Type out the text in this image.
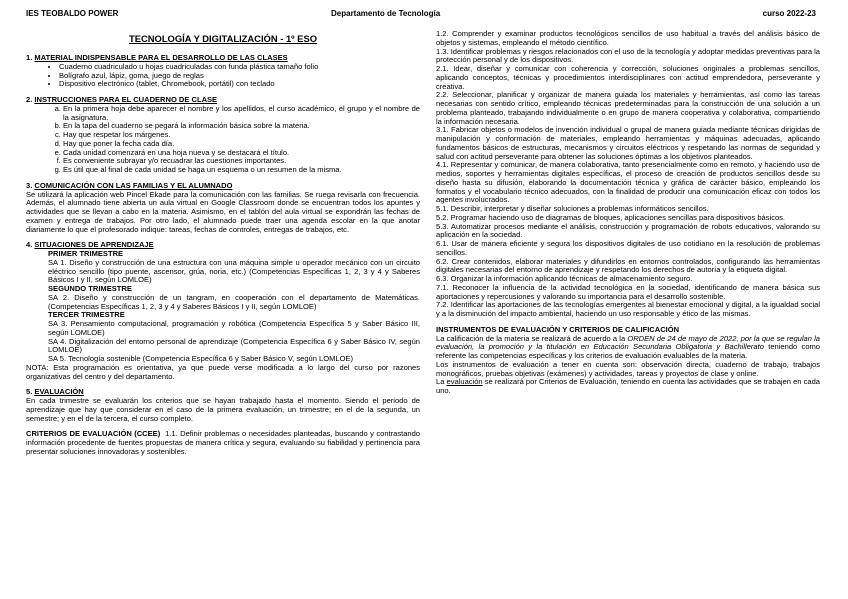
IES TEOBALDO POWER	Departamento de Tecnología	curso 2022-23
TECNOLOGÍA Y DIGITALIZACIÓN - 1º ESO
1. MATERIAL INDISPENSABLE PARA EL DESARROLLO DE LAS CLASES
• Cuaderno cuadriculado u hojas cuadriculadas con funda plástica tamaño folio
• Bolígrafo azul, lápiz, goma, juego de reglas
• Dispositivo electrónico (tablet, Chromebook, portátil) con teclado
2. INSTRUCCIONES PARA EL CUADERNO DE CLASE
a. En la primera hoja debe aparecer el nombre y los apellidos, el curso académico, el grupo y el nombre de la asignatura.
b. En la tapa del cuaderno se pegará la información básica sobre la materia.
c. Hay que respetar los márgenes.
d. Hay que poner la fecha cada día.
e. Cada unidad comenzará en una hoja nueva y se destacará el título.
f. Es conveniente subrayar y/o recuadrar las cuestiones importantes.
g. Es útil que al final de cada unidad se haga un esquema o un resumen de la misma.
3. COMUNICACIÓN CON LAS FAMILIAS Y EL ALUMNADO

Se utilizará la aplicación web Pincel Ekade para la comunicación con las familias. Se ruega revisarla con frecuencia. Además, el alumnado tiene abierta un aula virtual en Google Classroom donde se encuentran todos los apuntes y actividades que se llevan a cabo en la materia. Asimismo, en el tablón del aula virtual se expondrán las fechas de examen y entrega de trabajos. Por otro lado, el alumnado puede traer una agenda escolar en la que anotar diariamente lo que el profesorado indique: tareas, fechas de controles, entregas de trabajos, etc.

4. SITUACIONES DE APRENDIZAJE
PRIMER TRIMESTRE

SA 1. Diseño y construcción de una estructura con una máquina simple u operador mecánico con un circuito eléctrico sencillo (tipo puente, ascensor, grúa, noria, etc.) (Competencias Específicas 1, 2, 3 y 4 y Saberes Básicos I y II, según LOMLOE)

SEGUNDO TRIMESTRE

SA 2. Diseño y construcción de un tangram, en cooperación con el departamento de Matemáticas. (Competencias Específicas 1, 2, 3 y 4 y Saberes Básicos I y II, según LOMLOE)

TERCER TRIMESTRE

SA 3. Pensamiento computacional, programación y robótica (Competencia Específica 5 y Saber Básico III, según LOMLOE)

SA 4. Digitalización del entorno personal de aprendizaje (Competencia Específica 6 y Saber Básico IV, según LOMLOE)

SA 5. Tecnología sostenible (Competencia Específica 6 y Saber Básico V, según LOMLOE)

NOTA: Esta programación es orientativa, ya que puede verse modificada a lo largo del curso por razones organizativas del centro y del departamento.

5. EVALUACIÓN

En cada trimestre se evaluarán los criterios que se hayan trabajado hasta el momento. Siendo el periodo de aprendizaje que hay que considerar en el caso de la primera evaluación, un trimestre; en el de la segunda, un semestre; y en el de la tercera, el curso completo.

CRITERIOS DE EVALUACIÓN (CCEE) 1.1. Definir problemas o necesidades planteadas, buscando y contrastando información procedente de fuentes propuestas de manera crítica y segura, evaluando su fiabilidad y pertinencia para presentar soluciones innovadoras y sostenibles.

1.2. Comprender y examinar productos tecnológicos sencillos de uso habitual a través del análisis básico de objetos y sistemas, empleando el método científico.

1.3. Identificar problemas y riesgos relacionados con el uso de la tecnología y adoptar medidas preventivas para la protección personal y de los dispositivos.

2.1. Idear, diseñar y comunicar con coherencia y corrección, soluciones originales a problemas sencillos, aplicando conceptos, técnicas y procedimientos interdisciplinares con actitud emprendedora, perseverante y creativa.

2.2. Seleccionar, planificar y organizar de manera guiada los materiales y herramientas, así como las tareas necesarias con sentido crítico, empleando técnicas predeterminadas para la construcción de una solución a un problema planteado, trabajando individualmente o en grupo de manera cooperativa y colaborativa, compartiendo la información necesaria.

3.1. Fabricar objetos o modelos de invención individual o grupal de manera guiada mediante técnicas dirigidas de manipulación y conformación de materiales, empleando herramientas y máquinas adecuadas, aplicando fundamentos básicos de estructuras, mecanismos y circuitos eléctricos y respetando las normas de seguridad y salud con actitud perseverante para obtener las soluciones óptimas a los objetivos planteados.

4.1. Representar y comunicar, de manera colaborativa, tanto presencialmente como en remoto, y haciendo uso de medios, soportes y herramientas digitales específicas, el proceso de creación de productos sencillos desde su diseño hasta su difusión, elaborando la documentación técnica y gráfica de carácter básico, empleando los formatos y el vocabulario técnico adecuados, con la finalidad de producir una comunicación eficaz con todos los agentes involucrados.

5.1. Describir, interpretar y diseñar soluciones a problemas informáticos sencillos.

5.2. Programar haciendo uso de diagramas de bloques, aplicaciones sencillas para dispositivos básicos.

5.3. Automatizar procesos mediante el análisis, construcción y programación de robots educativos, valorando su aplicación en la sociedad.

6.1. Usar de manera eficiente y segura los dispositivos digitales de uso cotidiano en la resolución de problemas sencillos.

6.2. Crear contenidos, elaborar materiales y difundirlos en entornos controlados, configurando las herramientas digitales necesarias del entorno de aprendizaje y respetando los derechos de autoría y la etiqueta digital.

6.3. Organizar la información aplicando técnicas de almacenamiento seguro.

7.1. Reconocer la influencia de la actividad tecnológica en la sociedad, identificando de manera básica sus aportaciones y repercusiones y valorando su importancia para el desarrollo sostenible.

7.2. Identificar las aportaciones de las tecnologías emergentes al bienestar emocional y digital, a la igualdad social y a la disminución del impacto ambiental, haciendo un uso responsable y ético de las mismas.

INSTRUMENTOS DE EVALUACIÓN Y CRITERIOS DE CALIFICACIÓN

La calificación de la materia se realizará de acuerdo a la ORDEN de 24 de mayo de 2022, por la que se regulan la evaluación, la promoción y la titulación en Educación Secundaria Obligatoria y Bachillerato teniendo como referente las competencias específicas y los criterios de evaluación evaluables de la materia.

Los instrumentos de evaluación a tener en cuenta son: observación directa, cuaderno de trabajo, trabajos monográficos, pruebas objetivas (exámenes) y actividades, tareas y proyectos de clase y online.

La evaluación se realizará por Criterios de Evaluación, teniendo en cuenta las actividades que se trabajen en cada uno.
